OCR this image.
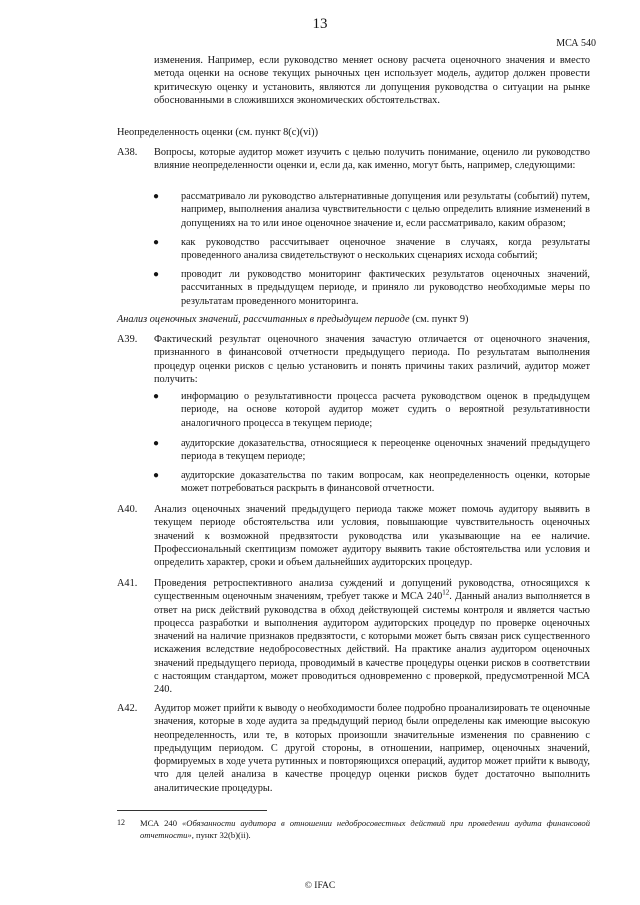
13
МСА 540
изменения. Например, если руководство меняет основу расчета оценочного значения и вместо метода оценки на основе текущих рыночных цен использует модель, аудитор должен провести критическую оценку и установить, являются ли допущения руководства о ситуации на рынке обоснованными в сложившихся экономических обстоятельствах.
Неопределенность оценки (см. пункт 8(с)(vi))
А38. Вопросы, которые аудитор может изучить с целью получить понимание, оценило ли руководство влияние неопределенности оценки и, если да, как именно, могут быть, например, следующими:
● рассматривало ли руководство альтернативные допущения или результаты (событий) путем, например, выполнения анализа чувствительности с целью определить влияние изменений в допущениях на то или иное оценочное значение и, если рассматривало, каким образом;
● как руководство рассчитывает оценочное значение в случаях, когда результаты проведенного анализа свидетельствуют о нескольких сценариях исхода событий;
● проводит ли руководство мониторинг фактических результатов оценочных значений, рассчитанных в предыдущем периоде, и приняло ли руководство необходимые меры по результатам проведенного мониторинга.
Анализ оценочных значений, рассчитанных в предыдущем периоде (см. пункт 9)
А39. Фактический результат оценочного значения зачастую отличается от оценочного значения, признанного в финансовой отчетности предыдущего периода. По результатам выполнения процедур оценки рисков с целью установить и понять причины таких различий, аудитор может получить:
● информацию о результативности процесса расчета руководством оценок в предыдущем периоде, на основе которой аудитор может судить о вероятной результативности аналогичного процесса в текущем периоде;
● аудиторские доказательства, относящиеся к переоценке оценочных значений предыдущего периода в текущем периоде;
● аудиторские доказательства по таким вопросам, как неопределенность оценки, которые может потребоваться раскрыть в финансовой отчетности.
А40. Анализ оценочных значений предыдущего периода также может помочь аудитору выявить в текущем периоде обстоятельства или условия, повышающие чувствительность оценочных значений к возможной предвзятости руководства или указывающие на ее наличие. Профессиональный скептицизм поможет аудитору выявить такие обстоятельства или условия и определить характер, сроки и объем дальнейших аудиторских процедур.
А41. Проведения ретроспективного анализа суждений и допущений руководства, относящихся к существенным оценочным значениям, требует также и МСА $240^{12}$. Данный анализ выполняется в ответ на риск действий руководства в обход действующей системы контроля и является частью процесса разработки и выполнения аудитором аудиторских процедур по проверке оценочных значений на наличие признаков предвзятости, с которыми может быть связан риск существенного искажения вследствие недобросовестных действий. На практике анализ аудитором оценочных значений предыдущего периода, проводимый в качестве процедуры оценки рисков в соответствии с настоящим стандартом, может проводиться одновременно с проверкой, предусмотренной МСА 240.
А42. Аудитор может прийти к выводу о необходимости более подробно проанализировать те оценочные значения, которые в ходе аудита за предыдущий период были определены как имеющие высокую неопределенность, или те, в которых произошли значительные изменения по сравнению с предыдущим периодом. С другой стороны, в отношении, например, оценочных значений, формируемых в ходе учета рутинных и повторяющихся операций, аудитор может прийти к выводу, что для целей анализа в качестве процедур оценки рисков будет достаточно выполнить аналитические процедуры.
12 МСА 240 «Обязанности аудитора в отношении недобросовестных действий при проведении аудита финансовой отчетности», пункт 32(b)(ii).
© IFAC
